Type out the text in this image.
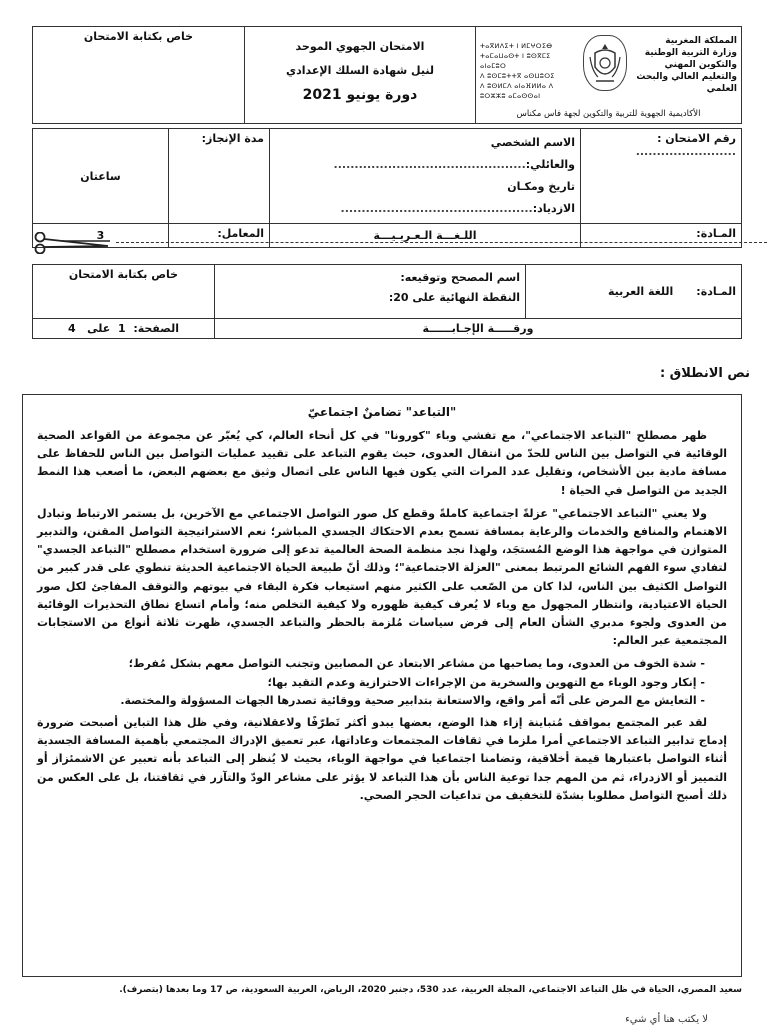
المملكة المغربية
وزارة التربية الوطنية
والتكوين المهني
والتعليم العالي والبحث العلمي
ⵜⴰⴳⵍⴷⵉⵜ ⵏ ⵍⵎⵖⵔⵉⴱ
ⵜⴰⵎⴰⵡⴰⵙⵜ ⵏ ⵓⵙⴳⵎⵉ ⴰⵏⴰⵎⵓⵔ
ⴷ ⵓⵙⵎⵓⵜⵜⴳ ⴰⵙⵡⵓⵔⵉ
ⴷ ⵓⵙⵍⵎⴷ ⴰⵏⴰⴼⵍⵍⴰ ⴷ ⵓⵔⵣⵣⵓ ⴰⵎⴰⵙⵙⴰⵏ
الأكاديمية الجهوية للتربية والتكوين لجهة فاس مكناس

الامتحان الجهوي الموحد
لنيل شهادة السلك الإعدادي
دورة يونيو 2021
	خاص بكتابة الامتحان
رقم الامتحان : ........................	الاسم الشخصي والعائلي:..............................................
تاريخ ومكـان الازدياد:..............................................	مدة الإنجاز:	ساعتان
المـادة:	اللـغـــة الـعـربـيـــة	المعامل:	3
المـادة:      اللغة العربية	اسم المصحح وتوقيعه:
النقطة النهائية على 20:	خاص بكتابة الامتحان
ورقـــــة الإجـابــــــة		الصفحة:  1  على   4
نص الانطلاق :
"التباعد" تضامنٌ اجتماعيّ

ظهر مصطلح "التباعد الاجتماعي"، مع تفشي وباء "كورونا" في كل أنحاء العالم، كي يُعبّر عن مجموعة من القواعد الصحية الوقائية في التواصل بين الناس للحدّ من انتقال العدوى، حيث يقوم التباعد على تقييد عمليات التواصل بين الناس للحفاظ على مسافة مادية بين الأشخاص، وتقليل عدد المرات التي يكون فيها الناس على اتصال وثيق مع بعضهم البعض، ما أصعب هذا النمط الجديد من التواصل في الحياة !

ولا يعني "التباعد الاجتماعي" عزلةً اجتماعية كاملةً وقطع كل صور التواصل الاجتماعي مع الآخرين، بل يستمر الارتباط وتبادل الاهتمام والمنافع والخدمات والرعاية بمسافة تسمح بعدم الاحتكاك الجسدي المباشر؛ نعم الاستراتيجية التواصل المقنن، والتدبير المتوازن في مواجهة هذا الوضع المُستجَد، ولهذا نجد منظمة الصحة العالمية تدعو إلى ضرورة استخدام مصطلح "التباعد الجسدي" لتفادي سوء الفهم الشائع المرتبط بمعنى "العزلة الاجتماعية"؛ وذلك أنّ طبيعة الحياة الاجتماعية الحديثة تنطوي على قدر كبير من التواصل الكثيف بين الناس، لذا كان من الصّعب على الكثير منهم استيعاب فكرة البقاء في بيوتهم والتوقف المفاجئ لكل صور الحياة الاعتيادية، وانتظار المجهول مع وباء لا يُعرف كيفية ظهوره ولا كيفية التخلص منه؛ وأمام اتساع نطاق التحذيرات الوقائية من العدوى ولجوء مدبري الشأن العام إلى فرض سياسات مُلزمة بالحظر والتباعد الجسدي، ظهرت ثلاثة أنواع من الاستجابات المجتمعية عبر العالم:

- شدة الخوف من العدوى، وما يصاحبها من مشاعر الابتعاد عن المصابين وتجنب التواصل معهم بشكل مُفرط؛
- إنكار وجود الوباء مع التهوين والسخرية من الإجراءات الاحترازية وعدم التقيد بها؛
- التعايش مع المرض على أنّه أمر واقع، والاستعانة بتدابير صحية ووقائية تصدرها الجهات المسؤولة والمختصة.

لقد عبر المجتمع بمواقف مُتباينة إزاء هذا الوضع، بعضها يبدو أكثر تَطرّفًا ولاعقلانية، وفي ظل هذا التباين أصبحت ضرورة إدماج تدابير التباعد الاجتماعي أمرا ملزما في ثقافات المجتمعات وعاداتها، عبر تعميق الإدراك المجتمعي بأهمية المسافة الجسدية أثناء التواصل باعتبارها قيمة أخلاقية، وتضامنا اجتماعيا في مواجهة الوباء، بحيث لا يُنظر إلى التباعد بأنه تعبير عن الاشمئزاز أو التمييز أو الازدراء، ثم من المهم جدا توعية الناس بأن هذا التباعد لا يؤثر على مشاعر الودّ والتآزر في ثقافتنا، بل على العكس من ذلك أصبح التواصل مطلوبا بشدّة للتخفيف من تداعيات الحجر الصحي.

سعيد المصري، الحياة في ظل التباعد الاجتماعي، المجلة العربية، عدد 530، دجنبر 2020، الرياض، العربية السعودية، ص 17 وما بعدها (بتصرف).
لا يكتب هنا أي شيء
